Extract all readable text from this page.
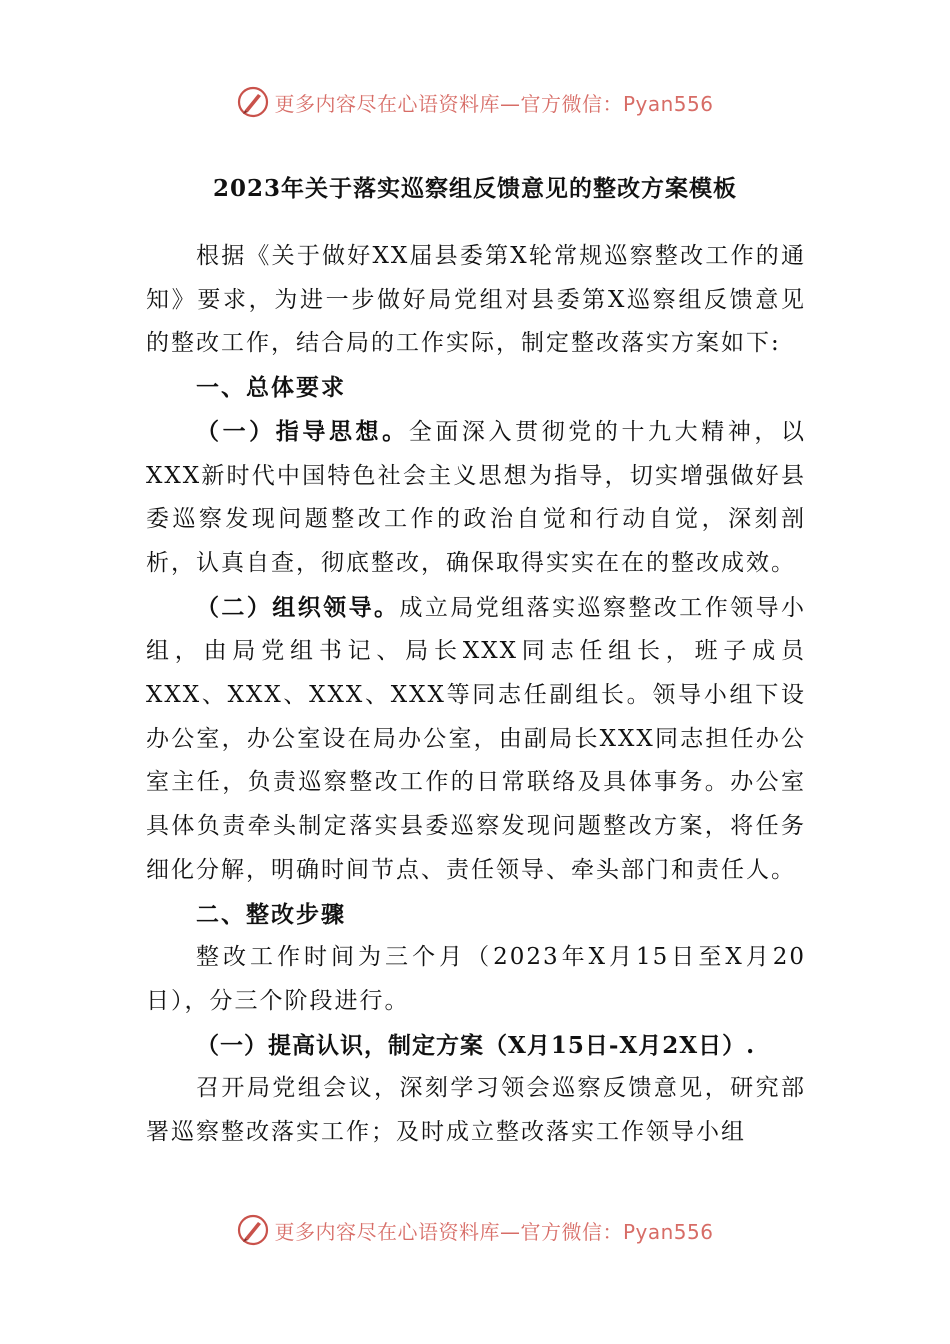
更多内容尽在心语资料库—官方微信：Pyan556
2023年关于落实巡察组反馈意见的整改方案模板

根据《关于做好XX届县委第X轮常规巡察整改工作的通知》要求，为进一步做好局党组对县委第X巡察组反馈意见的整改工作，结合局的工作实际，制定整改落实方案如下:

一、总体要求

（一）指导思想。全面深入贯彻党的十九大精神，以XXX新时代中国特色社会主义思想为指导，切实增强做好县委巡察发现问题整改工作的政治自觉和行动自觉，深刻剖析，认真自查，彻底整改，确保取得实实在在的整改成效。

（二）组织领导。成立局党组落实巡察整改工作领导小组，由局党组书记、局长XXX同志任组长，班子成员XXX、XXX、XXX、XXX等同志任副组长。领导小组下设办公室，办公室设在局办公室，由副局长XXX同志担任办公室主任，负责巡察整改工作的日常联络及具体事务。办公室具体负责牵头制定落实县委巡察发现问题整改方案，将任务细化分解，明确时间节点、责任领导、牵头部门和责任人。

二、整改步骤

整改工作时间为三个月（2023年X月15日至X月20日），分三个阶段进行。

（一）提高认识，制定方案（X月15日-X月2X日）.

召开局党组会议，深刻学习领会巡察反馈意见，研究部署巡察整改落实工作；及时成立整改落实工作领导小组

更多内容尽在心语资料库—官方微信：Pyan556
